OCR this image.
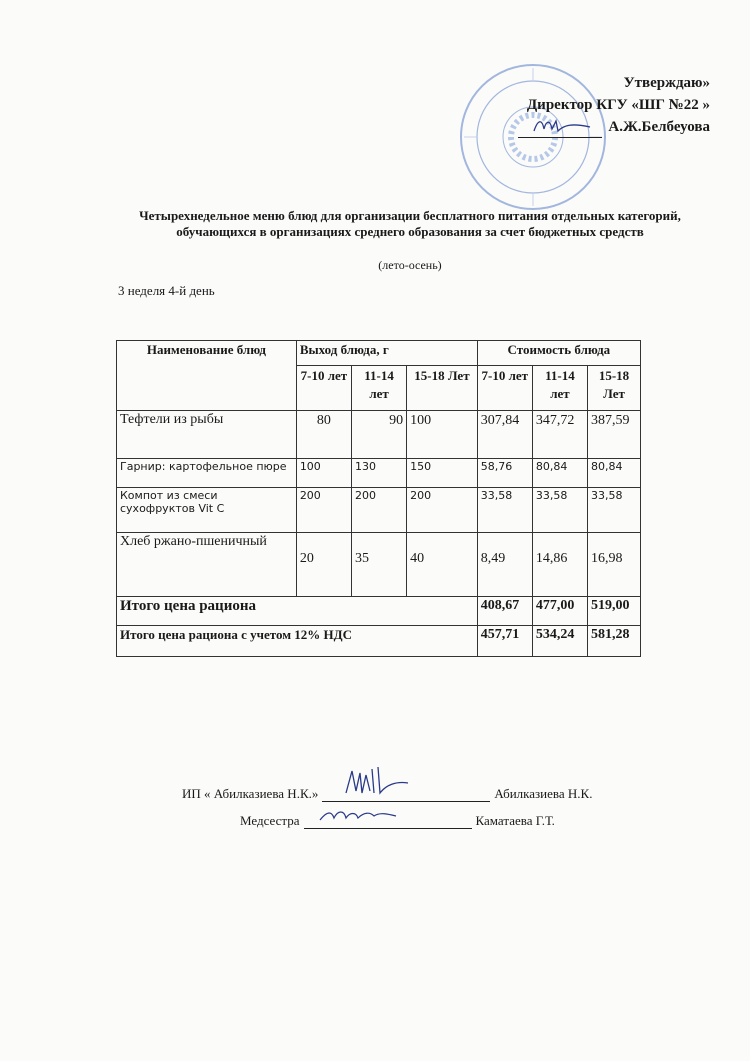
Утверждаю»
Директор КГУ «ШГ №22 »
А.Ж.Белбеуова
Четырехнедельное меню блюд для организации бесплатного питания отдельных категорий, обучающихся в организациях среднего образования за счет бюджетных средств
(лето-осень)
3 неделя 4-й день
Наименование блюд	Выход блюда, г			Стоимость блюда		
	7-10 лет	11-14 лет	15-18 Лет	7-10 лет	11-14 лет	15-18 Лет
Тефтели из рыбы	80	90	100	307,84	347,72	387,59
Гарнир: картофельное пюре	100	130	150	58,76	80,84	80,84
Компот из смеси сухофруктов Vit C	200	200	200	33,58	33,58	33,58
Хлеб ржано-пшеничный	20	35	40	8,49	14,86	16,98
Итого цена рациона				408,67	477,00	519,00
Итого цена рациона с учетом 12% НДС				457,71	534,24	581,28
ИП « Абилказиева Н.К.»	Абилказиева Н.К.
Медсестра	Каматаева Г.Т.
